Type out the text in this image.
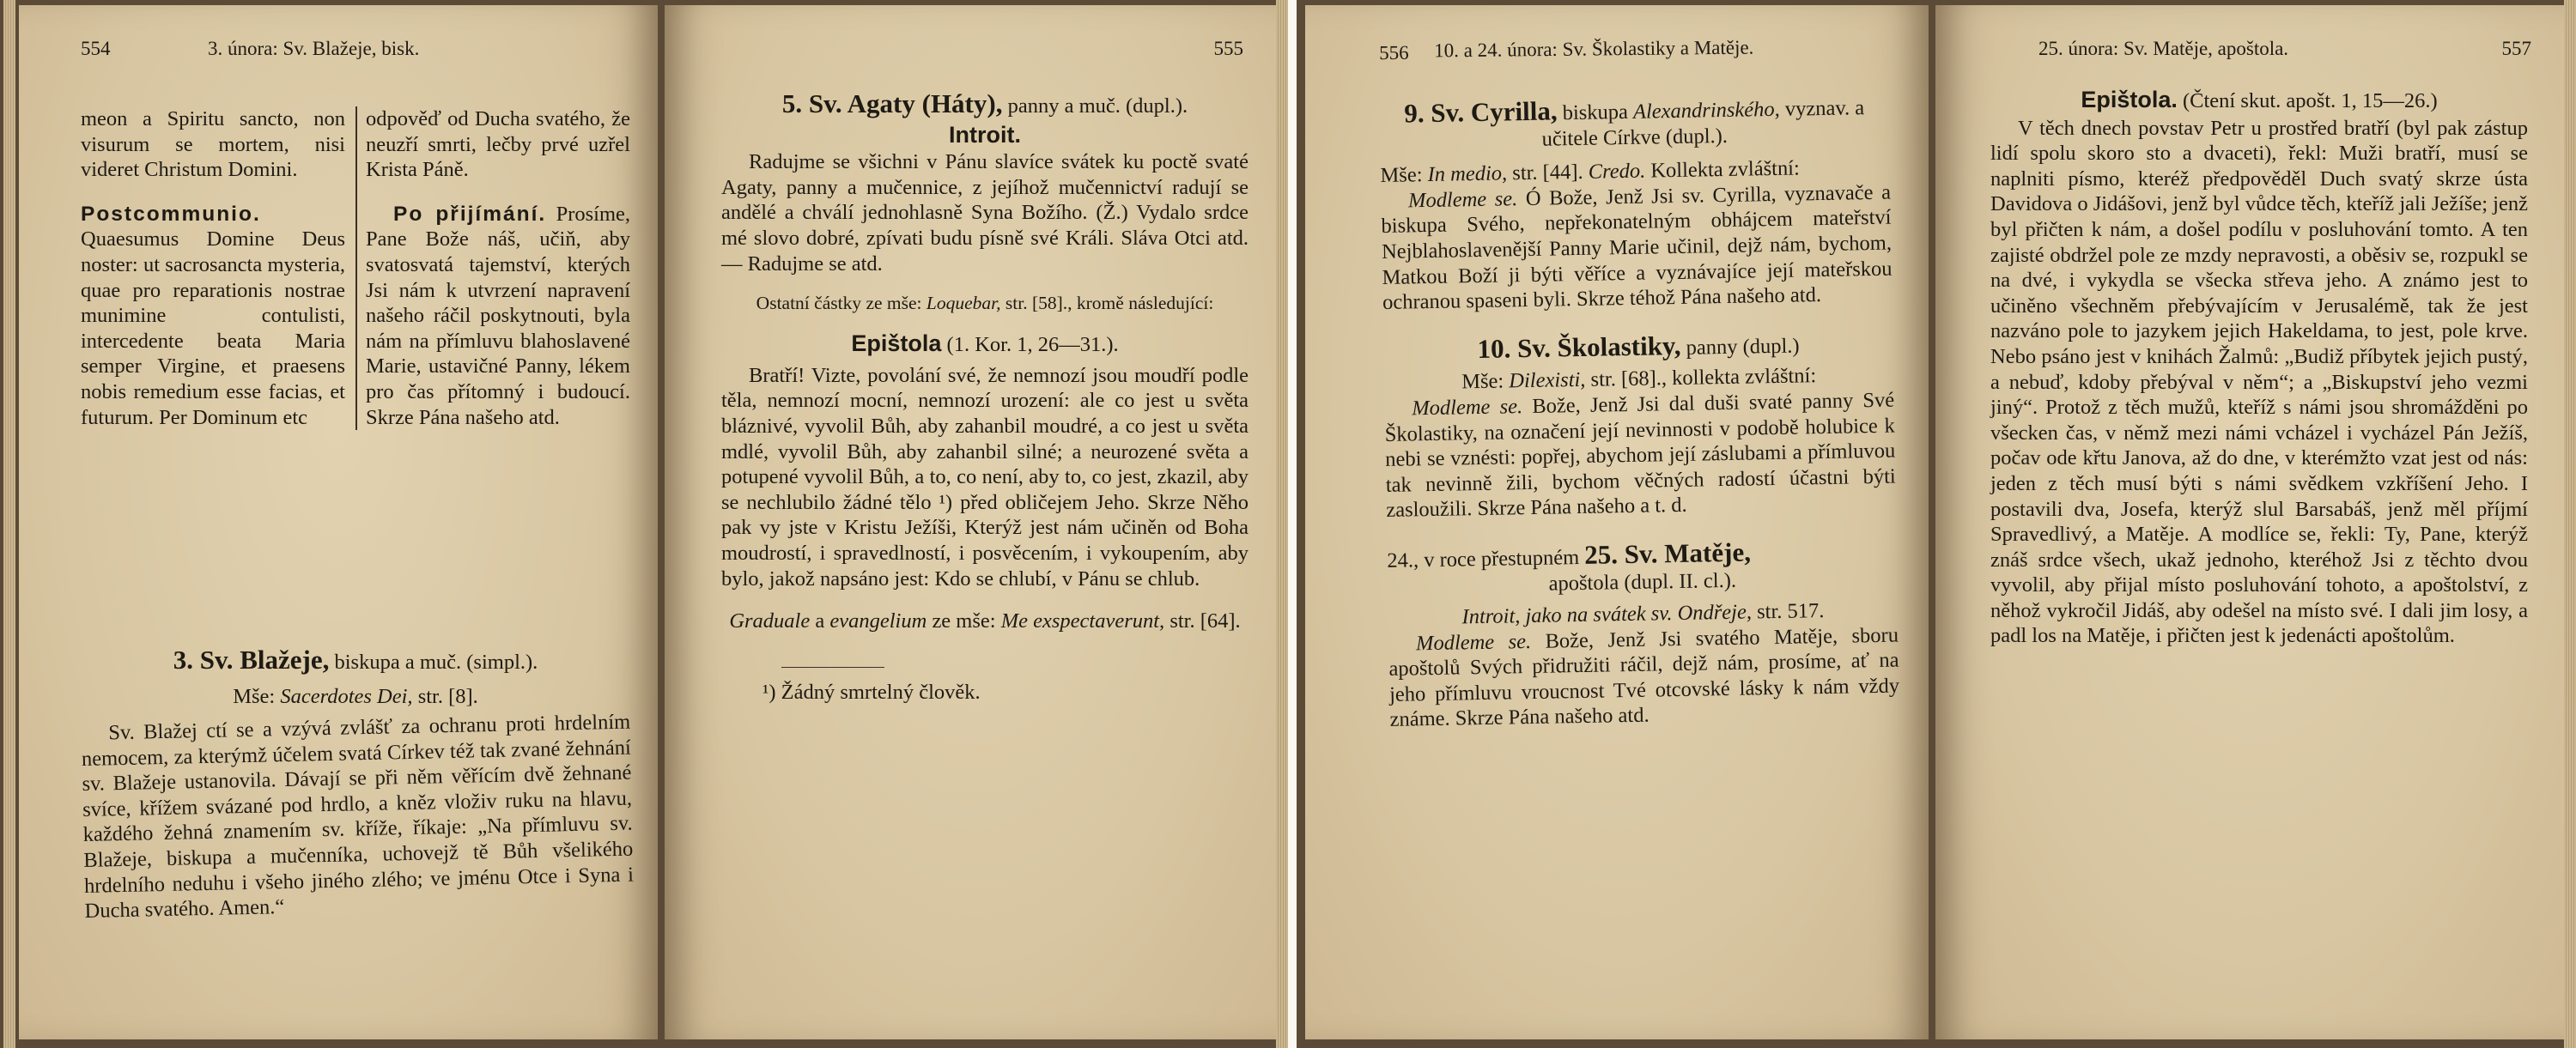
554	3. února: Sv. Blažeje, bisk.

meon a Spiritu sancto, non visurum se mortem, nisi videret Christum Domini.

Postcommunio. Quaesumus Domine Deus noster: ut sacrosancta mysteria, quae pro reparationis nostrae munimine contulisti, intercedente beata Maria semper Virgine, et praesens nobis remedium esse facias, et futurum. Per Dominum etc

odpověď od Ducha svatého, že neuzří smrti, lečby prvé uzřel Krista Páně.

Po přijímání. Prosíme, Pane Bože náš, učiň, aby svatosvatá tajemství, kterých Jsi nám k utvrzení napravení našeho ráčil poskytnouti, byla nám na přímluvu blahoslavené Marie, ustavičné Panny, lékem pro čas přítomný i budoucí. Skrze Pána našeho atd.

3. Sv. Blažeje, biskupa a muč. (simpl.).

Mše: Sacerdotes Dei, str. [8].

Sv. Blažej ctí se a vzývá zvlášť za ochranu proti hrdelním nemocem, za kterýmž účelem svatá Církev též tak zvané žehnání sv. Blažeje ustanovila. Dávají se při něm věřícím dvě žehnané svíce, křížem svázané pod hrdlo, a kněz vloživ ruku na hlavu, každého žehná znamením sv. kříže, říkaje: „Na přímluvu sv. Blažeje, biskupa a mučenníka, uchovejž tě Bůh všelikého hrdelního neduhu i všeho jiného zlého; ve jménu Otce i Syna i Ducha svatého. Amen.“

555

5. Sv. Agaty (Háty), panny a muč. (dupl.).

Introit.

Radujme se všichni v Pánu slavíce svátek ku poctě svaté Agaty, panny a mučennice, z jejíhož mučennictví radují se andělé a chválí jednohlasně Syna Božího. (Ž.) Vydalo srdce mé slovo dobré, zpívati budu písně své Králi. Sláva Otci atd. — Radujme se atd.

Ostatní částky ze mše: Loquebar, str. [58]., kromě následující:

Epištola (1. Kor. 1, 26—31.).

Bratří! Vizte, povolání své, že nemnozí jsou moudří podle těla, nemnozí mocní, nemnozí urození: ale co jest u světa bláznivé, vyvolil Bůh, aby zahanbil moudré, a co jest u světa mdlé, vyvolil Bůh, aby zahanbil silné; a neurozené světa a potupené vyvolil Bůh, a to, co není, aby to, co jest, zkazil, aby se nechlubilo žádné tělo ¹) před obličejem Jeho. Skrze Něho pak vy jste v Kristu Ježíši, Kterýž jest nám učiněn od Boha moudrostí, i spravedlností, i posvěcením, i vykoupením, aby bylo, jakož napsáno jest: Kdo se chlubí, v Pánu se chlub.

Graduale a evangelium ze mše: Me exspectaverunt, str. [64].

¹) Žádný smrtelný člověk.

556 10. a 24. února: Sv. Školastiky a Matěje.

9. Sv. Cyrilla, biskupa Alexandrinského, vyznav. a učitele Církve (dupl.).

Mše: In medio, str. [44]. Credo. Kollekta zvláštní:

Modleme se. Ó Bože, Jenž Jsi sv. Cyrilla, vyznavače a biskupa Svého, nepřekonatelným obhájcem mateřství Nejblahoslavenější Panny Marie učinil, dejž nám, bychom, Matkou Boží ji býti věříce a vyznávajíce její mateřskou ochranou spaseni byli. Skrze téhož Pána našeho atd.

10. Sv. Školastiky, panny (dupl.)

Mše: Dilexisti, str. [68]., kollekta zvláštní:

Modleme se. Bože, Jenž Jsi dal duši svaté panny Své Školastiky, na označení její nevinnosti v podobě holubice k nebi se vznésti: popřej, abychom její záslubami a přímluvou tak nevinně žili, bychom věčných radostí účastni býti zasloužili. Skrze Pána našeho a t. d.

24., v roce přestupném 25. Sv. Matěje,

apoštola (dupl. II. cl.).

Introit, jako na svátek sv. Ondřeje, str. 517.

Modleme se. Bože, Jenž Jsi svatého Matěje, sboru apoštolů Svých přidružiti ráčil, dejž nám, prosíme, ať na jeho přímluvu vroucnost Tvé otcovské lásky k nám vždy známe. Skrze Pána našeho atd.

25. února: Sv. Matěje, apoštola.	557

Epištola. (Čtení skut. apošt. 1, 15—26.)

V těch dnech povstav Petr u prostřed bratří (byl pak zástup lidí spolu skoro sto a dvaceti), řekl: Muži bratří, musí se naplniti písmo, kteréž předpověděl Duch svatý skrze ústa Davidova o Jidášovi, jenž byl vůdce těch, kteříž jali Ježíše; jenž byl přičten k nám, a došel podílu v posluhování tomto. A ten zajisté obdržel pole ze mzdy nepravosti, a oběsiv se, rozpukl se na dvé, i vykydla se všecka střeva jeho. A známo jest to učiněno všechněm přebývajícím v Jerusalémě, tak že jest nazváno pole to jazykem jejich Hakeldama, to jest, pole krve. Nebo psáno jest v knihách Žalmů: „Budiž příbytek jejich pustý, a nebuď, kdoby přebýval v něm“; a „Biskupství jeho vezmi jiný“. Protož z těch mužů, kteříž s námi jsou shromážděni po všecken čas, v němž mezi námi vcházel i vycházel Pán Ježíš, počav ode křtu Janova, až do dne, v kterémžto vzat jest od nás: jeden z těch musí býti s námi svědkem vzkříšení Jeho. I postavili dva, Josefa, kterýž slul Barsabáš, jenž měl příjmí Spravedlivý, a Matěje. A modlíce se, řekli: Ty, Pane, kterýž znáš srdce všech, ukaž jednoho, kteréhož Jsi z těchto dvou vyvolil, aby přijal místo posluhování tohoto, a apoštolství, z něhož vykročil Jidáš, aby odešel na místo své. I dali jim losy, a padl los na Matěje, i přičten jest k jedenácti apoštolům.
